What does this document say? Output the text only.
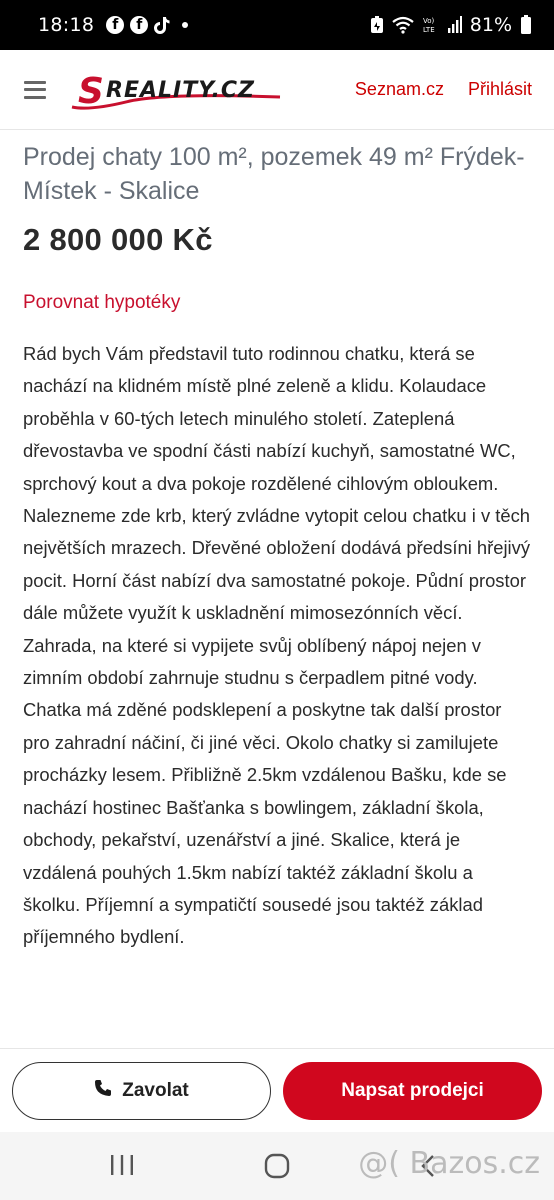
18:18	f	f	Vo)
LTE 81%
S REALITY.CZ	Seznam.cz Přihlásit
Prodej chaty 100 m², pozemek 49 m² Frýdek-Místek - Skalice
2 800 000 Kč
Porovnat hypotéky

Rád bych Vám představil tuto rodinnou chatku, která se nachází na klidném místě plné zeleně a klidu. Kolaudace proběhla v 60-tých letech minulého století. Zateplená dřevostavba ve spodní části nabízí kuchyň, samostatné WC, sprchový kout a dva pokoje rozdělené cihlovým obloukem. Nalezneme zde krb, který zvládne vytopit celou chatku i v těch největších mrazech. Dřevěné obložení dodává předsíni hřejivý pocit. Horní část nabízí dva samostatné pokoje. Půdní prostor dále můžete využít k uskladnění mimosezónních věcí. Zahrada, na které si vypijete svůj oblíbený nápoj nejen v zimním období zahrnuje studnu s čerpadlem pitné vody. Chatka má zděné podsklepení a poskytne tak další prostor pro zahradní náčiní, či jiné věci. Okolo chatky si zamilujete procházky lesem. Přibližně 2.5km vzdálenou Bašku, kde se nachází hostinec Bašťanka s bowlingem, základní škola, obchody, pekařství, uzenářství a jiné. Skalice, která je vzdálená pouhých 1.5km nabízí taktéž základní školu a školku. Příjemní a sympatičtí sousedé jsou taktéž základ příjemného bydlení.

Zavolat	Napsat prodejci
@( Bazos.cz
